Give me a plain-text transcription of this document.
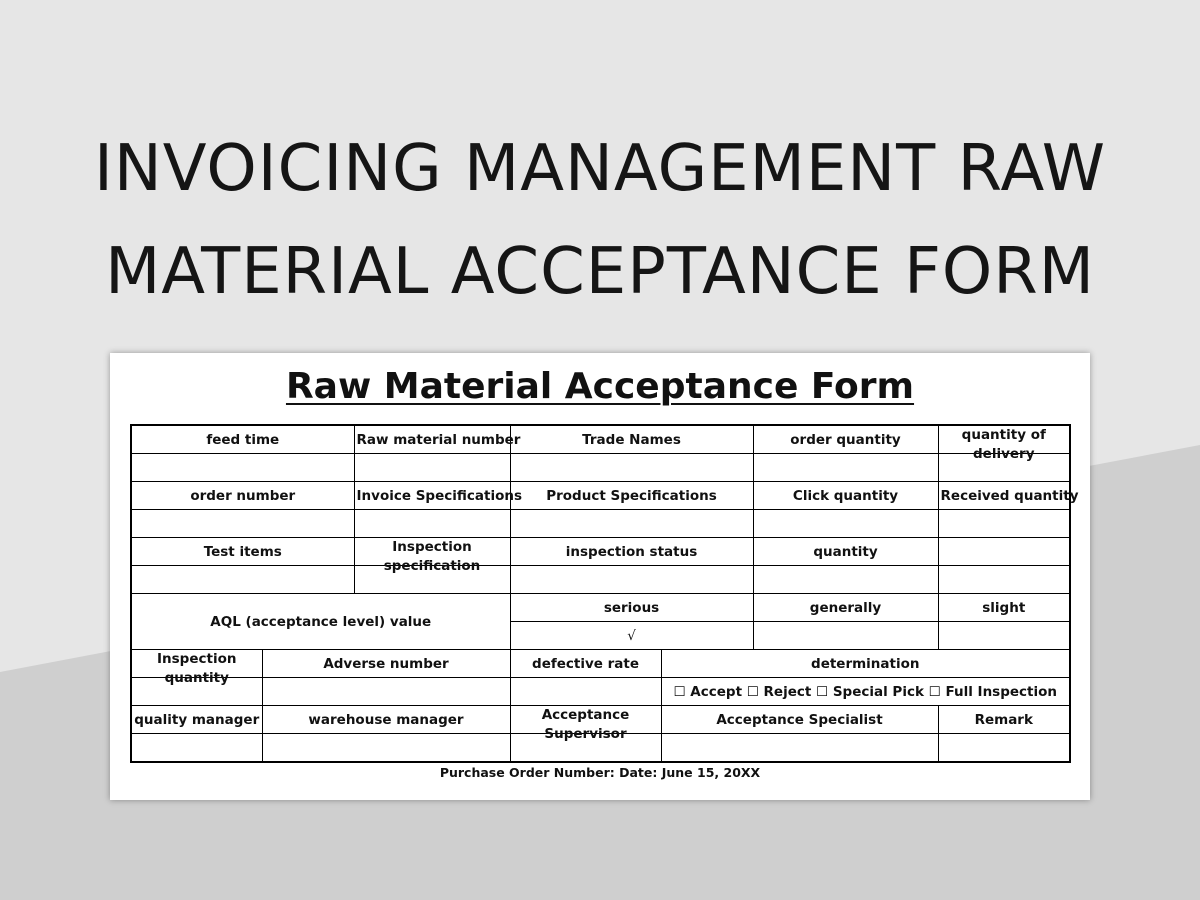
INVOICING MANAGEMENT RAW
MATERIAL ACCEPTANCE FORM
Raw Material Acceptance Form
feed time		Raw material number	Trade Names		order quantity	quantity of delivery

order number		Invoice Specifications	Product Specifications		Click quantity	Received quantity

Test items		Inspection specification	inspection status		quantity	

AQL (acceptance level) value			serious		generally	slight
			√			

Inspection quantity	Adverse number		defective rate	determination		
				☐ Accept ☐ Reject ☐ Special Pick ☐ Full Inspection		
quality manager	warehouse manager		Acceptance Supervisor	Acceptance Specialist		Remark

Purchase Order Number: Date: June 15, 20XX
